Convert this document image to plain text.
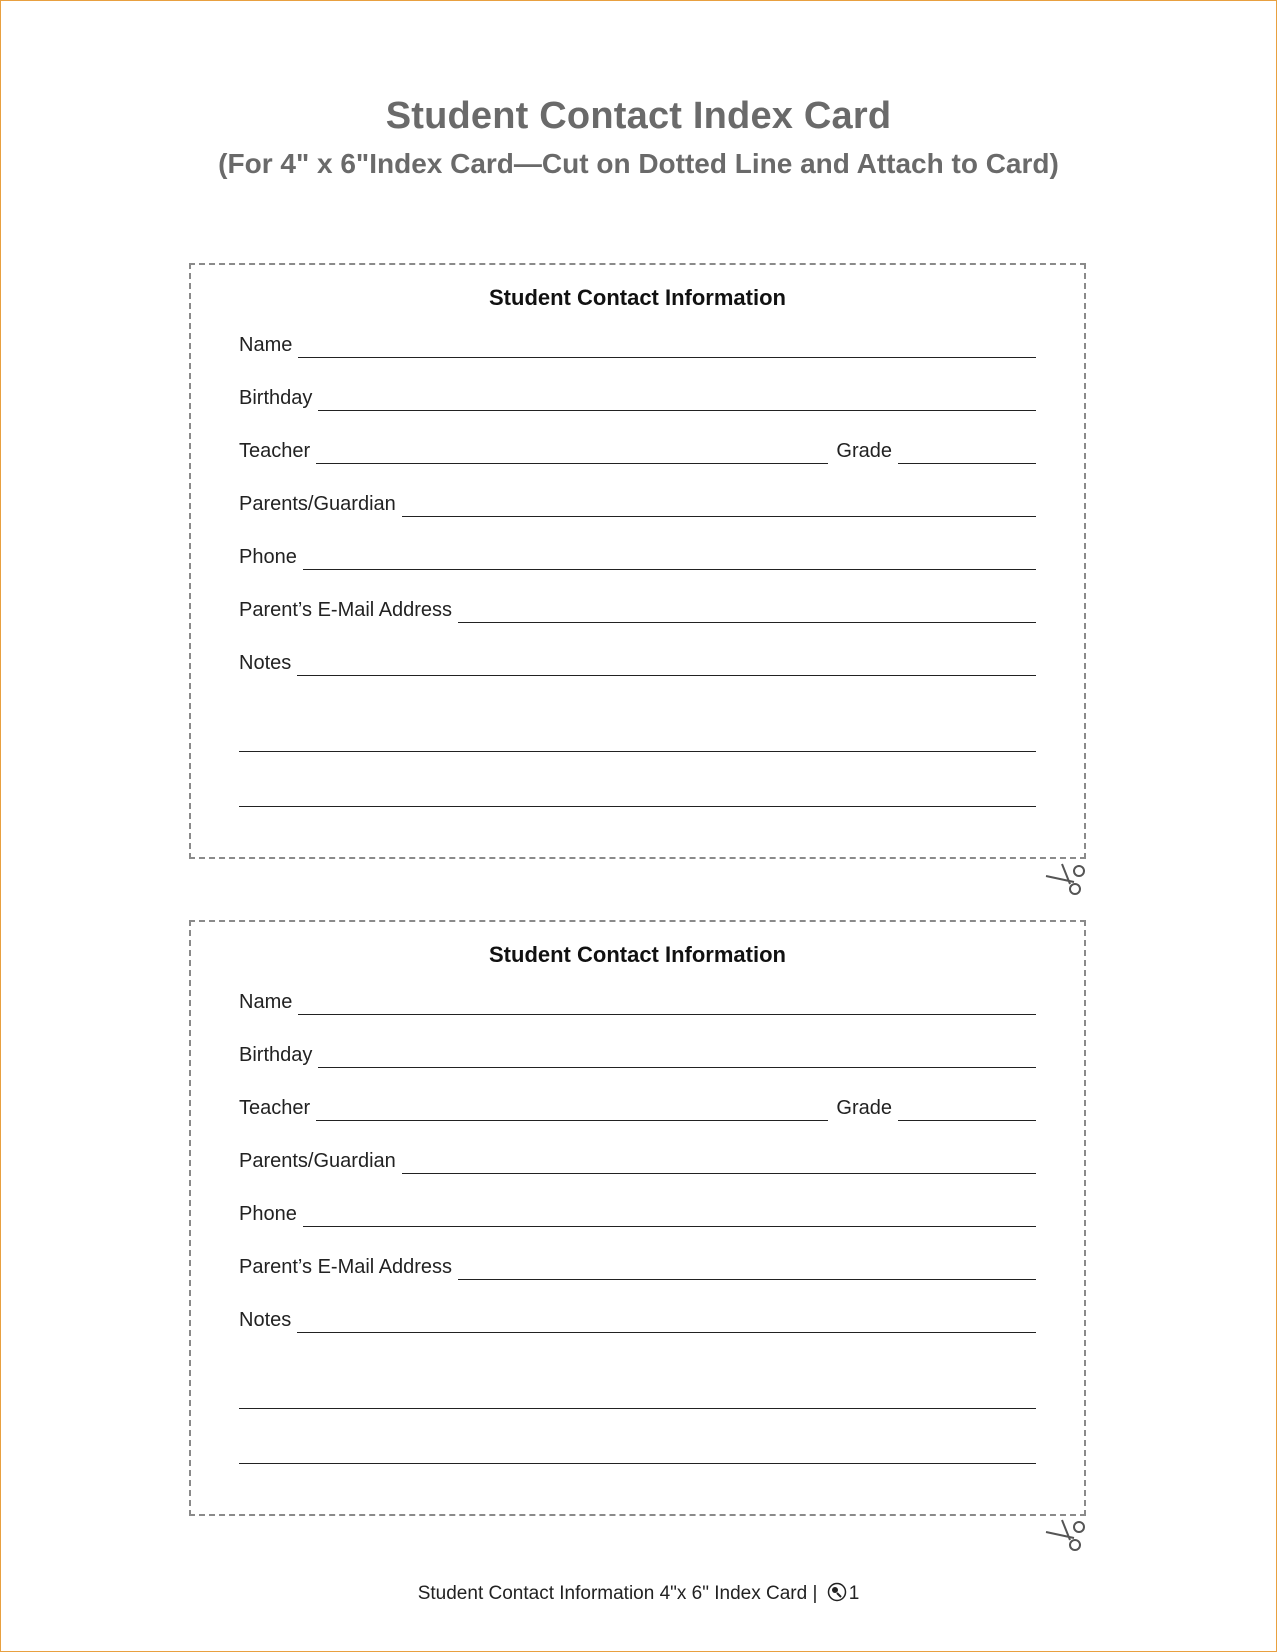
Student Contact Index Card
(For 4" x 6"Index Card—Cut on Dotted Line and Attach to Card)
Student Contact Information
Name
Birthday
Teacher	Grade
Parents/Guardian
Phone
Parent’s E-Mail Address
Notes
Student Contact Information
Name
Birthday
Teacher	Grade
Parents/Guardian
Phone
Parent’s E-Mail Address
Notes
Student Contact Information 4"x 6" Index Card | 1
